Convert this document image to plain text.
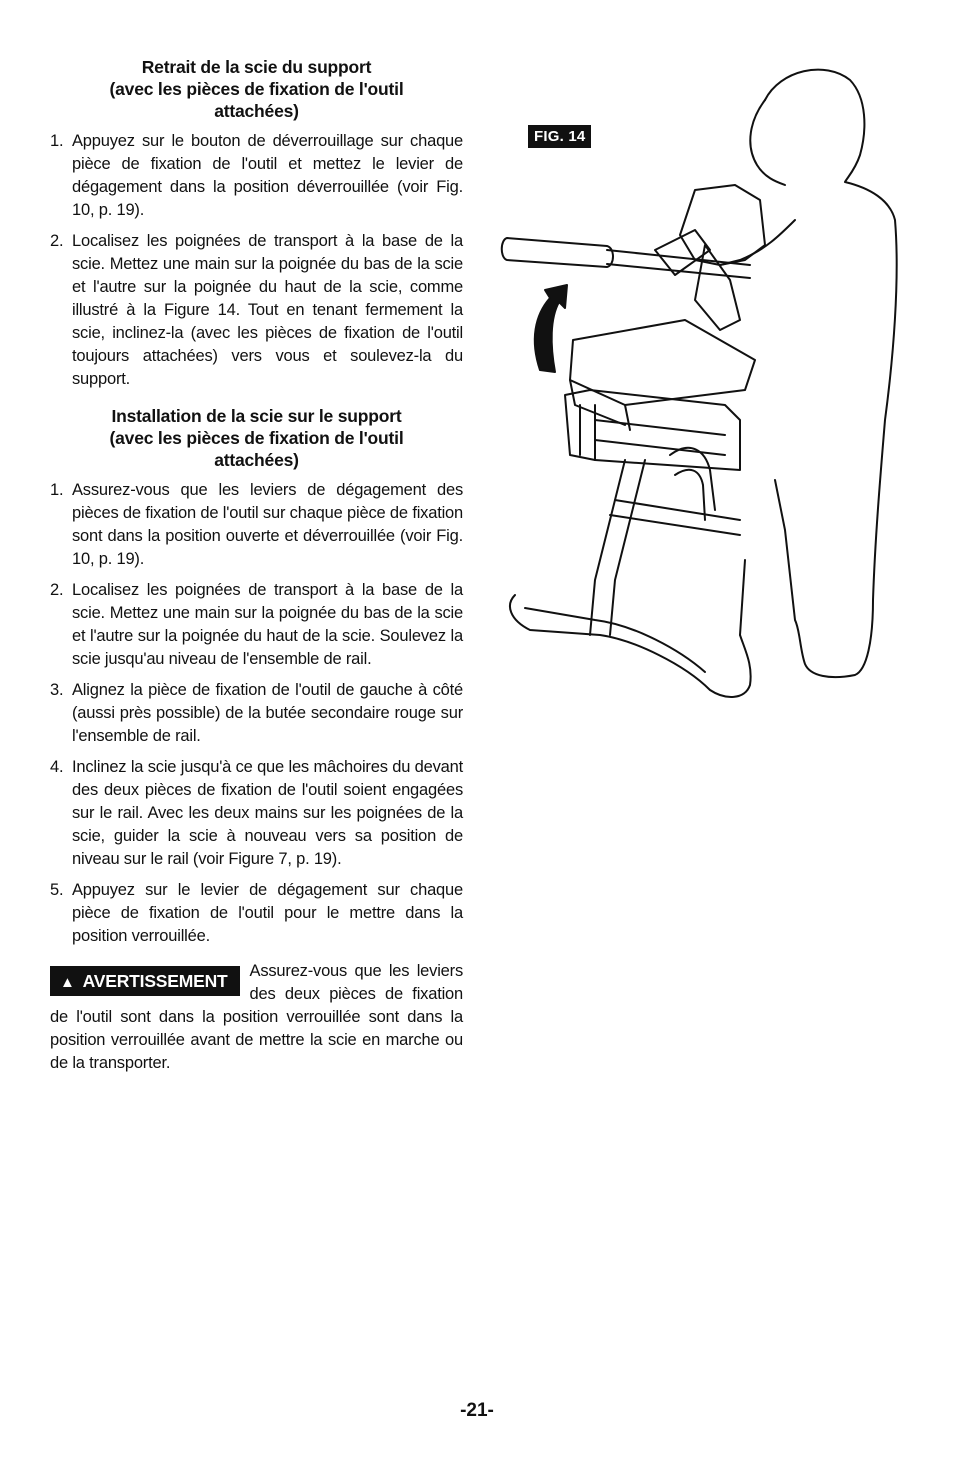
Retrait de la scie du support
(avec les pièces de fixation de l'outil
attachées)
1. Appuyez sur le bouton de déverrouillage sur chaque pièce de fixation de l'outil et mettez le levier de dégagement dans la position déverrouillée (voir Fig. 10, p. 19).
2. Localisez les poignées de transport à la base de la scie. Mettez une main sur la poignée du bas de la scie et l'autre sur la poignée du haut de la scie, comme illustré à la Figure 14. Tout en tenant fermement la scie, inclinez-la (avec les pièces de fixation de l'outil toujours attachées) vers vous et soulevez-la du support.
Installation de la scie sur le support
(avec les pièces de fixation de l'outil
attachées)
1. Assurez-vous que les leviers de dégagement des pièces de fixation de l'outil sur chaque pièce de fixation sont dans la position ouverte et déverrouillée (voir Fig. 10, p. 19).
2. Localisez les poignées de transport à la base de la scie. Mettez une main sur la poignée du bas de la scie et l'autre sur la poignée du haut de la scie. Soulevez la scie jusqu'au niveau de l'ensemble de rail.
3. Alignez la pièce de fixation de l'outil de gauche à côté (aussi près possible) de la butée secondaire rouge sur l'ensemble de rail.
4. Inclinez la scie jusqu'à ce que les mâchoires du devant des deux pièces de fixation de l'outil soient engagées sur le rail. Avec les deux mains sur les poignées de la scie, guider la scie à nouveau vers sa position de niveau sur le rail (voir Figure 7, p. 19).
5. Appuyez sur le levier de dégagement sur chaque pièce de fixation de l'outil pour le mettre dans la position verrouillée.
▲ AVERTISSEMENT	Assurez-vous que les leviers des deux pièces de fixation de l'outil sont dans la position verrouillée sont dans la position verrouillée avant de mettre la scie en marche ou de la transporter.
FIG. 14
-21-
